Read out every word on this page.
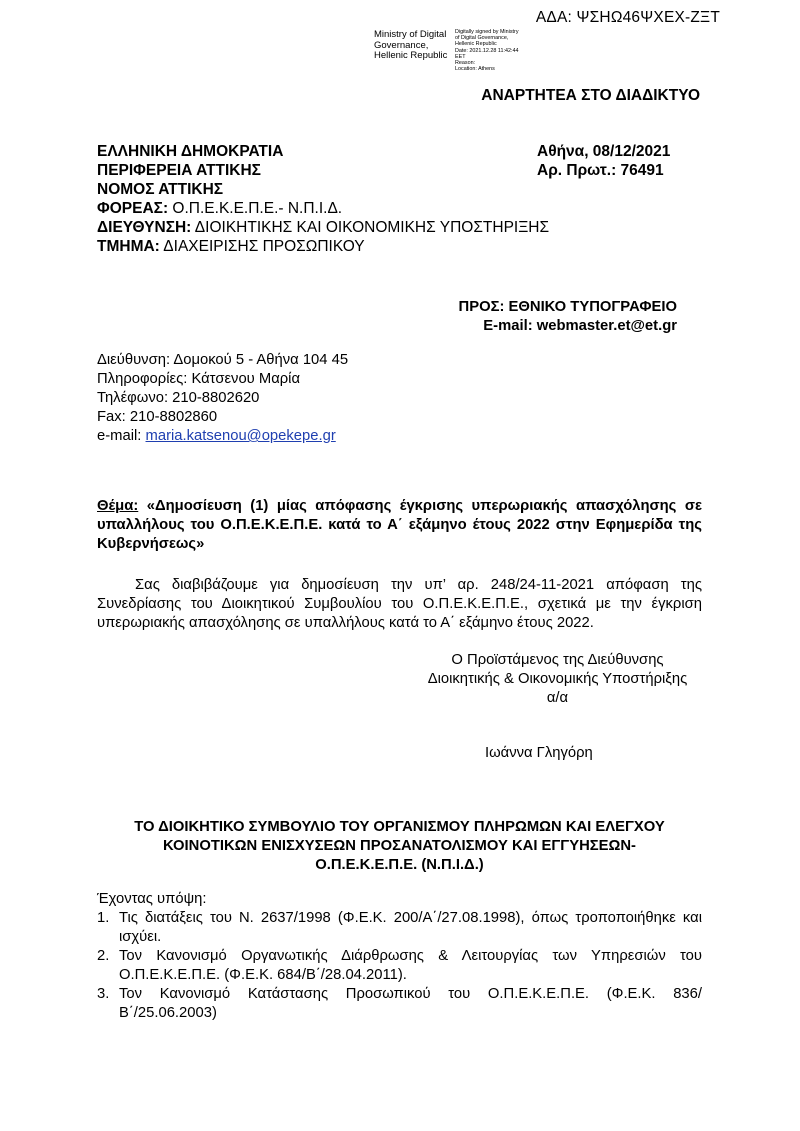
ΑΔΑ: ΨΣΗΩ46ΨΧΕΧ-ΖΞΤ
Ministry of Digital
Governance,
Hellenic Republic
Digitally signed by Ministry
of Digital Governance,
Hellenic Republic
Date: 2021.12.28 11:42:44
EET
Reason:
Location: Athens
ΑΝΑΡΤΗΤΕΑ ΣΤΟ ΔΙΑΔΙΚΤΥΟ
ΕΛΛΗΝΙΚΗ ΔΗΜΟΚΡΑΤΙΑ
ΠΕΡΙΦΕΡΕΙΑ ΑΤΤΙΚΗΣ
ΝΟΜΟΣ ΑΤΤΙΚΗΣ
ΦΟΡΕΑΣ: Ο.Π.Ε.Κ.Ε.Π.Ε.- Ν.Π.Ι.Δ.
ΔΙΕΥΘΥΝΣΗ: ΔΙΟΙΚΗΤΙΚΗΣ ΚΑΙ ΟΙΚΟΝΟΜΙΚΗΣ ΥΠΟΣΤΗΡΙΞΗΣ
ΤΜΗΜΑ: ΔΙΑΧΕΙΡΙΣΗΣ ΠΡΟΣΩΠΙΚΟΥ
Αθήνα, 08/12/2021
Αρ. Πρωτ.: 76491
ΠΡΟΣ: ΕΘΝΙΚΟ ΤΥΠΟΓΡΑΦΕΙΟ
E-mail: webmaster.et@et.gr
Διεύθυνση: Δομοκού 5 - Αθήνα 104 45
Πληροφορίες: Κάτσενου Μαρία
Τηλέφωνο: 210-8802620
Fax: 210-8802860
e-mail: maria.katsenou@opekepe.gr
Θέμα: «Δημοσίευση (1) μίας απόφασης έγκρισης υπερωριακής απασχόλησης σε υπαλλήλους του Ο.Π.Ε.Κ.Ε.Π.Ε. κατά το Α΄ εξάμηνο έτους 2022 στην Εφημερίδα της Κυβερνήσεως»
Σας διαβιβάζουμε για δημοσίευση την υπ’ αρ. 248/24-11-2021 απόφαση της Συνεδρίασης του Διοικητικού Συμβουλίου του Ο.Π.Ε.Κ.Ε.Π.Ε., σχετικά με την έγκριση υπερωριακής απασχόλησης σε υπαλλήλους κατά το Α΄ εξάμηνο έτους 2022.
Ο Προϊστάμενος της Διεύθυνσης
Διοικητικής & Οικονομικής Υποστήριξης
α/α
Ιωάννα Γληγόρη
ΤΟ ΔΙΟΙΚΗΤΙΚΟ ΣΥΜΒΟΥΛΙΟ ΤΟΥ ΟΡΓΑΝΙΣΜΟΥ ΠΛΗΡΩΜΩΝ ΚΑΙ ΕΛΕΓΧΟΥ
ΚΟΙΝΟΤΙΚΩΝ ΕΝΙΣΧΥΣΕΩΝ ΠΡΟΣΑΝΑΤΟΛΙΣΜΟΥ ΚΑΙ ΕΓΓΥΗΣΕΩΝ-
Ο.Π.Ε.Κ.Ε.Π.Ε. (Ν.Π.Ι.Δ.)
Έχοντας υπόψη:

1. Τις διατάξεις του Ν. 2637/1998 (Φ.Ε.Κ. 200/Α΄/27.08.1998), όπως τροποποιήθηκε και ισχύει.

2. Τον Κανονισμό Οργανωτικής Διάρθρωσης & Λειτουργίας των Υπηρεσιών του Ο.Π.Ε.Κ.Ε.Π.Ε. (Φ.Ε.Κ. 684/Β΄/28.04.2011).

3. Τον Κανονισμό Κατάστασης Προσωπικού του Ο.Π.Ε.Κ.Ε.Π.Ε. (Φ.Ε.Κ. 836/Β΄/25.06.2003)
